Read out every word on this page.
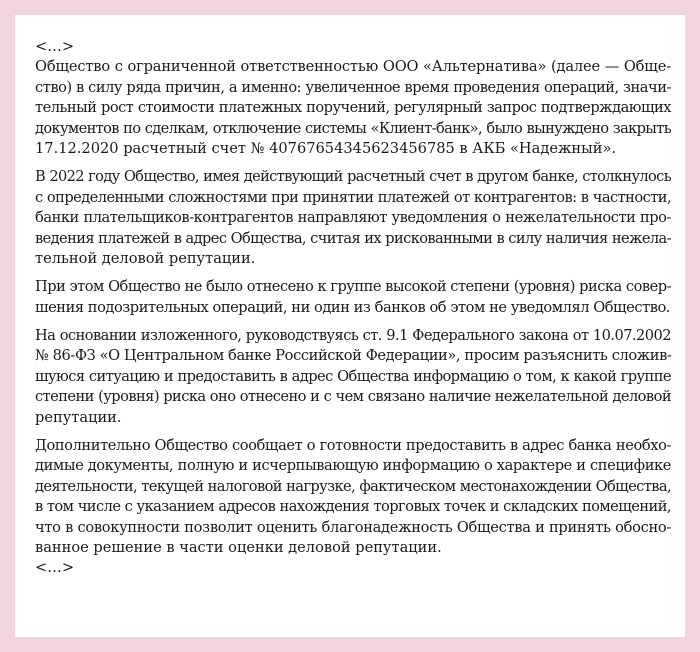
<…>
Общество с ограниченной ответственностью ООО «Альтернатива» (далее — Обще-
ство) в силу ряда причин, а именно: увеличенное время проведения операций, значи-
тельный рост стоимости платежных поручений, регулярный запрос подтверждающих
документов по сделкам, отключение системы «Клиент-банк», было вынуждено закрыть
17.12.2020 расчетный счет № 40767654345623456785 в АКБ «Надежный».
В 2022 году Общество, имея действующий расчетный счет в другом банке, столкнулось
с определенными сложностями при принятии платежей от контрагентов: в частности,
банки плательщиков-контрагентов направляют уведомления о нежелательности про-
ведения платежей в адрес Общества, считая их рискованными в силу наличия нежела-
тельной деловой репутации.
При этом Общество не было отнесено к группе высокой степени (уровня) риска совер-
шения подозрительных операций, ни один из банков об этом не уведомлял Общество.
На основании изложенного, руководствуясь ст. 9.1 Федерального закона от 10.07.2002
№ 86-ФЗ «О Центральном банке Российской Федерации», просим разъяснить сложив-
шуюся ситуацию и предоставить в адрес Общества информацию о том, к какой группе
степени (уровня) риска оно отнесено и с чем связано наличие нежелательной деловой
репутации.
Дополнительно Общество сообщает о готовности предоставить в адрес банка необхо-
димые документы, полную и исчерпывающую информацию о характере и специфике
деятельности, текущей налоговой нагрузке, фактическом местонахождении Общества,
в том числе с указанием адресов нахождения торговых точек и складских помещений,
что в совокупности позволит оценить благонадежность Общества и принять обосно-
ванное решение в части оценки деловой репутации.
<…>
